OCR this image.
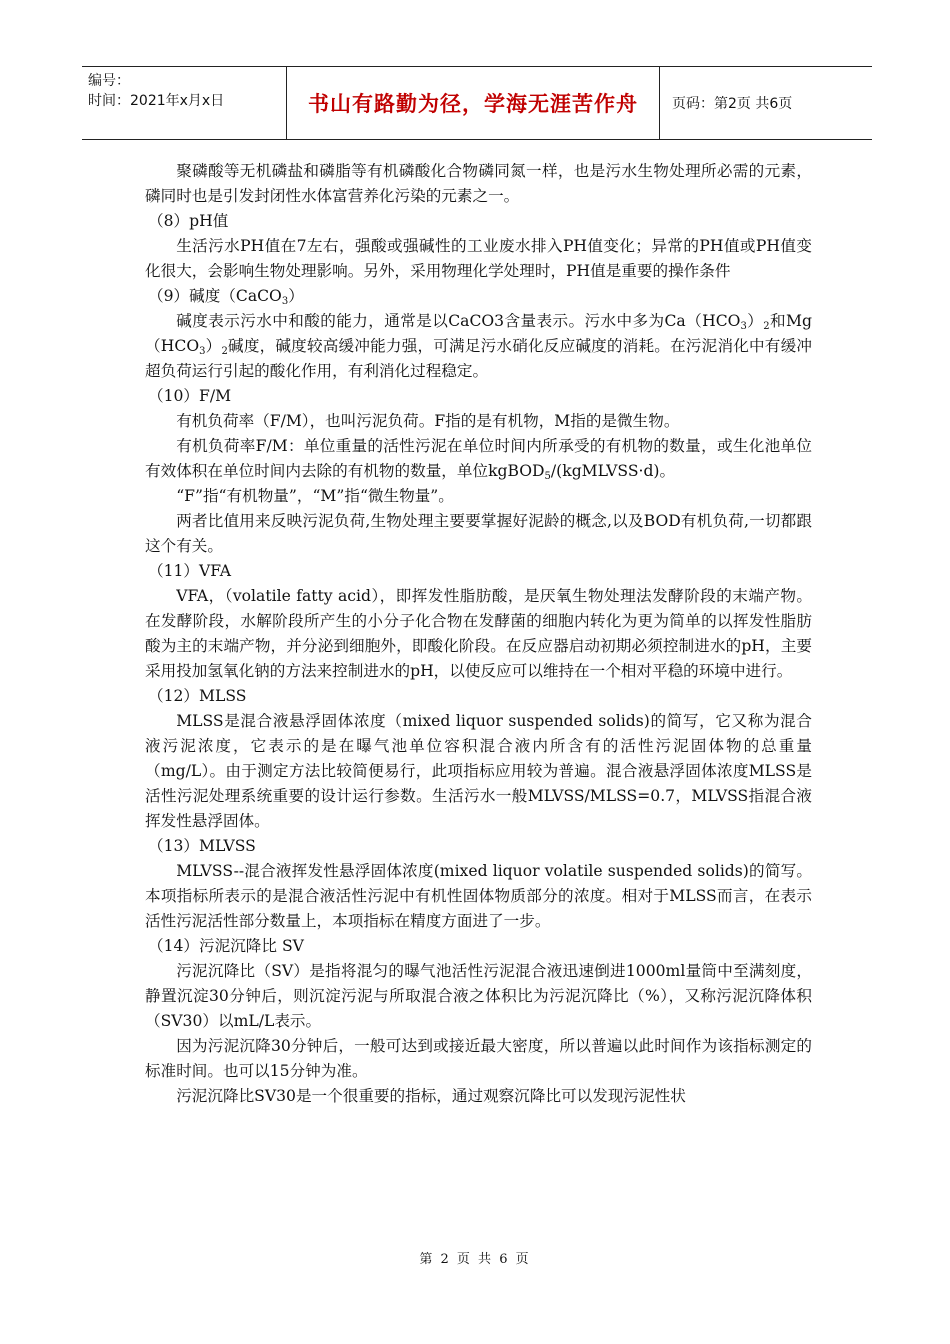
编号：
时间：2021年x月x日	书山有路勤为径，学海无涯苦作舟	页码：第2页 共6页

聚磷酸等无机磷盐和磷脂等有机磷酸化合物磷同氮一样，也是污水生物处理所必需的元素，磷同时也是引发封闭性水体富营养化污染的元素之一。

（8）pH值

生活污水PH值在7左右，强酸或强碱性的工业废水排入PH值变化；异常的PH值或PH值变化很大，会影响生物处理影响。另外，采用物理化学处理时，PH值是重要的操作条件

（9）碱度（CaCO$_3$）

碱度表示污水中和酸的能力，通常是以CaCO3含量表示。污水中多为$Ca(HCO_3)_2$和$Mg(HCO_3)_2$碱度，碱度较高缓冲能力强，可满足污水硝化反应碱度的消耗。在污泥消化中有缓冲超负荷运行引起的酸化作用，有利消化过程稳定。

（10）F/M

有机负荷率（F/M），也叫污泥负荷。F指的是有机物，M指的是微生物。

有机负荷率F/M：单位重量的活性污泥在单位时间内所承受的有机物的数量，或生化池单位有效体积在单位时间内去除的有机物的数量，单位kgBOD$_5$/(kgMLVSS·d)。

“F”指“有机物量”，“M”指“微生物量”。

两者比值用来反映污泥负荷,生物处理主要要掌握好泥龄的概念,以及BOD有机负荷,一切都跟这个有关。

（11）VFA

VFA，（volatile fatty acid），即挥发性脂肪酸，是厌氧生物处理法发酵阶段的末端产物。在发酵阶段，水解阶段所产生的小分子化合物在发酵菌的细胞内转化为更为简单的以挥发性脂肪酸为主的末端产物，并分泌到细胞外，即酸化阶段。在反应器启动初期必须控制进水的pH，主要采用投加氢氧化钠的方法来控制进水的pH，以使反应可以维持在一个相对平稳的环境中进行。

（12）MLSS

MLSS是混合液悬浮固体浓度（mixed liquor suspended solids)的简写，它又称为混合液污泥浓度，它表示的是在曝气池单位容积混合液内所含有的活性污泥固体物的总重量（mg/L）。由于测定方法比较简便易行，此项指标应用较为普遍。混合液悬浮固体浓度MLSS是活性污泥处理系统重要的设计运行参数。生活污水一般MLVSS/MLSS=0.7，MLVSS指混合液挥发性悬浮固体。

（13）MLVSS

MLVSS--混合液挥发性悬浮固体浓度(mixed liquor volatile suspended solids)的简写。本项指标所表示的是混合液活性污泥中有机性固体物质部分的浓度。相对于MLSS而言，在表示活性污泥活性部分数量上，本项指标在精度方面进了一步。

（14）污泥沉降比 SV

污泥沉降比（SV）是指将混匀的曝气池活性污泥混合液迅速倒进1000ml量筒中至满刻度，静置沉淀30分钟后，则沉淀污泥与所取混合液之体积比为污泥沉降比（%），又称污泥沉降体积（SV30）以mL/L表示。

因为污泥沉降30分钟后，一般可达到或接近最大密度，所以普遍以此时间作为该指标测定的标准时间。也可以15分钟为准。

污泥沉降比SV30是一个很重要的指标，通过观察沉降比可以发现污泥性状

第 2 页 共 6 页
